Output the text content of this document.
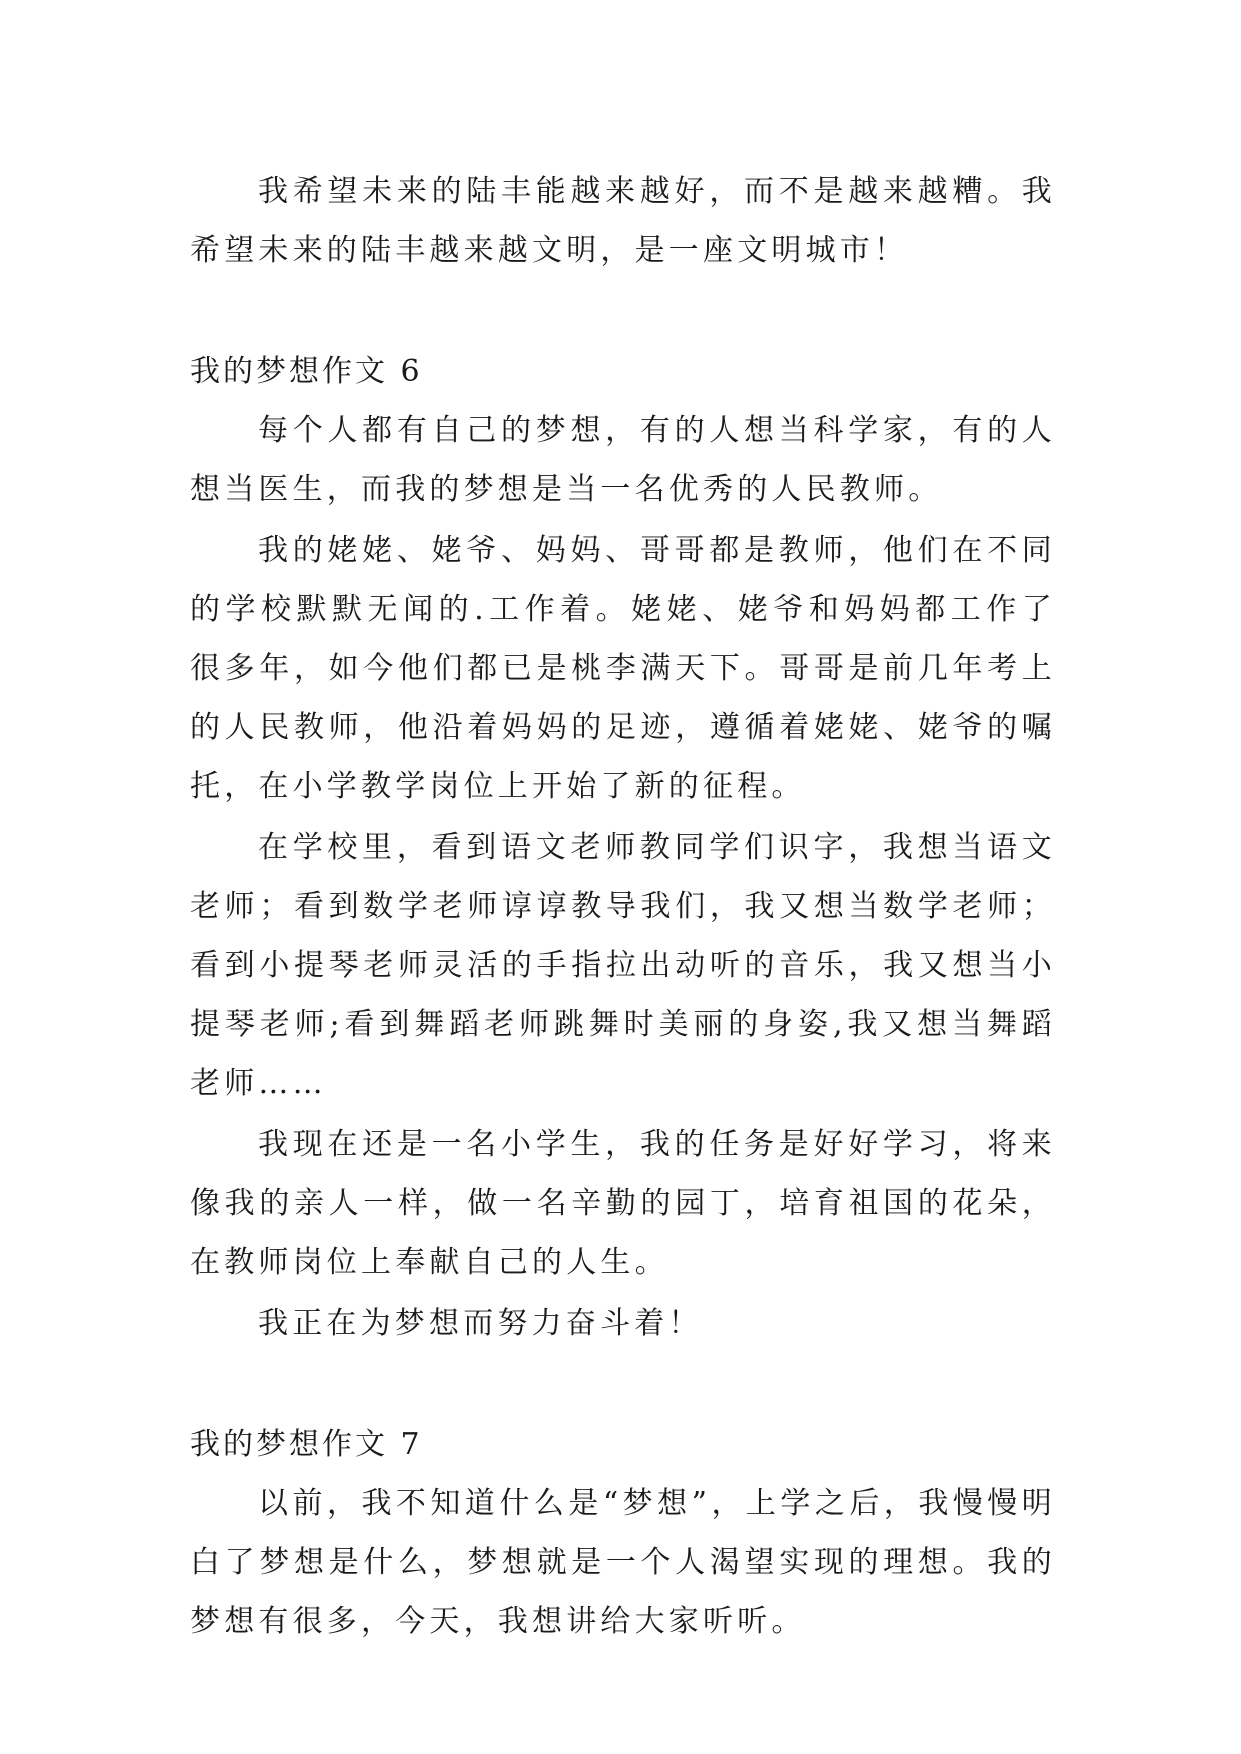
我希望未来的陆丰能越来越好，而不是越来越糟。我希望未来的陆丰越来越文明，是一座文明城市！

我的梦想作文 6

每个人都有自己的梦想，有的人想当科学家，有的人想当医生，而我的梦想是当一名优秀的人民教师。

我的姥姥、姥爷、妈妈、哥哥都是教师，他们在不同的学校默默无闻的.工作着。姥姥、姥爷和妈妈都工作了很多年，如今他们都已是桃李满天下。哥哥是前几年考上的人民教师，他沿着妈妈的足迹，遵循着姥姥、姥爷的嘱托，在小学教学岗位上开始了新的征程。

在学校里，看到语文老师教同学们识字，我想当语文老师；看到数学老师谆谆教导我们，我又想当数学老师；看到小提琴老师灵活的手指拉出动听的音乐，我又想当小提琴老师;看到舞蹈老师跳舞时美丽的身姿,我又想当舞蹈老师……

我现在还是一名小学生，我的任务是好好学习，将来像我的亲人一样，做一名辛勤的园丁，培育祖国的花朵，在教师岗位上奉献自己的人生。

我正在为梦想而努力奋斗着！

我的梦想作文 7

以前，我不知道什么是“梦想”，上学之后，我慢慢明白了梦想是什么，梦想就是一个人渴望实现的理想。我的梦想有很多，今天，我想讲给大家听听。
